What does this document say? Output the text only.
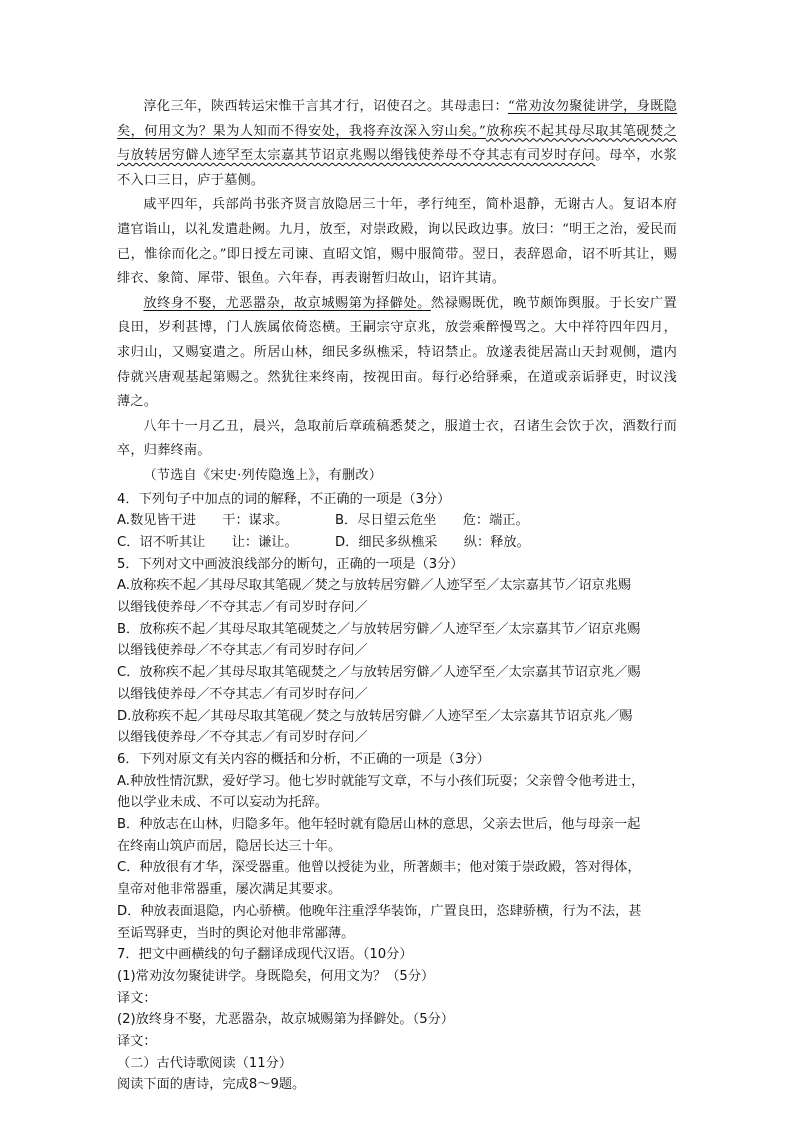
淳化三年，陕西转运宋惟干言其才行，诏使召之。其母恚曰：“常劝汝勿聚徒讲学，身既隐矣，何用文为？果为人知而不得安处，我将弃汝深入穷山矣。”放称疾不起其母尽取其笔砚焚之与放转居穷僻人迹罕至太宗嘉其节诏京兆赐以缗钱使养母不夺其志有司岁时存问。母卒，水浆不入口三日，庐于墓侧。

咸平四年，兵部尚书张齐贤言放隐居三十年，孝行纯至，简朴退静，无谢古人。复诏本府遣官诣山，以礼发遣赴阙。九月，放至，对崇政殿，询以民政边事。放曰：“明王之治，爱民而已，惟徐而化之。”即日授左司谏、直昭文馆，赐中服简带。翌日，表辞恩命，诏不听其让，赐绯衣、象简、犀带、银鱼。六年春，再表谢暂归故山，诏许其请。

放终身不娶，尤恶嚣杂，故京城赐第为择僻处。然禄赐既优，晚节颇饰舆服。于长安广置良田，岁利甚博，门人族属依倚恣横。王嗣宗守京兆，放尝乘醉慢骂之。大中祥符四年四月，求归山，又赐宴遣之。所居山林，细民多纵樵采，特诏禁止。放遂表徙居嵩山天封观侧，遣内侍就兴唐观基起第赐之。然犹往来终南，按视田亩。每行必给驿乘，在道或亲诟驿吏，时议浅薄之。

八年十一月乙丑，晨兴，急取前后章疏稿悉焚之，服道士衣，召诸生会饮于次，酒数行而卒，归葬终南。

（节选自《宋史·列传隐逸上》，有删改）

4．下列句子中加点的词的解释，不正确的一项是（3分）
A.数见皆干进　　干：谋求。	B．尽日望云危坐　　危：端正。
C．诏不听其让　　让：谦让。	D．细民多纵樵采　　纵：释放。
5．下列对文中画波浪线部分的断句，正确的一项是（3分）
A.放称疾不起／其母尽取其笔砚／焚之与放转居穷僻／人迹罕至／太宗嘉其节／诏京兆赐
以缗钱使养母／不夺其志／有司岁时存问／
B．放称疾不起／其母尽取其笔砚焚之／与放转居穷僻／人迹罕至／太宗嘉其节／诏京兆赐
以缗钱使养母／不夺其志／有司岁时存问／
C．放称疾不起／其母尽取其笔砚焚之／与放转居穷僻／人迹罕至／太宗嘉其节诏京兆／赐
以缗钱使养母／不夺其志／有司岁时存问／
D.放称疾不起／其母尽取其笔砚／焚之与放转居穷僻／人迹罕至／太宗嘉其节诏京兆／赐
以缗钱使养母／不夺其志／有司岁时存问／
6．下列对原文有关内容的概括和分析，不正确的一项是（3分）
A.种放性情沉默，爱好学习。他七岁时就能写文章，不与小孩们玩耍；父亲曾令他考进士，
他以学业未成、不可以妄动为托辞。
B．种放志在山林，归隐多年。他年轻时就有隐居山林的意思，父亲去世后，他与母亲一起
在终南山筑庐而居，隐居长达三十年。
C．种放很有才华，深受器重。他曾以授徒为业，所著颇丰；他对策于崇政殿，答对得体，
皇帝对他非常器重，屡次满足其要求。
D．种放表面退隐，内心骄横。他晚年注重浮华装饰，广置良田，恣肆骄横，行为不法，甚
至诟骂驿吏，当时的舆论对他非常鄙薄。
7．把文中画横线的句子翻译成现代汉语。（10分）
(1)常劝汝勿聚徒讲学。身既隐矣，何用文为？（5分）
译文：
(2)放终身不娶，尤恶嚣杂，故京城赐第为择僻处。（5分）
译文：
（二）古代诗歌阅读（11分）
阅读下面的唐诗，完成8～9题。
